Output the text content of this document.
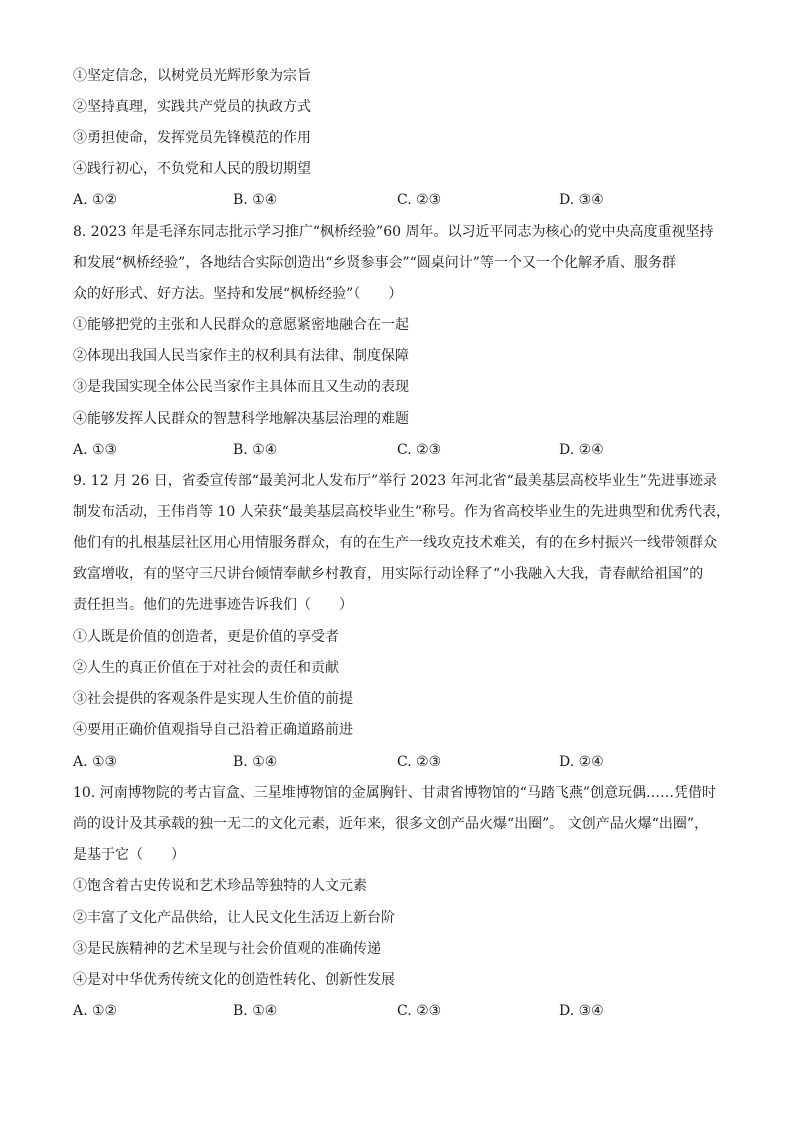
①坚定信念，以树党员光辉形象为宗旨
②坚持真理，实践共产党员的执政方式
③勇担使命，发挥党员先锋模范的作用
④践行初心，不负党和人民的殷切期望
A. ①②	B. ①④	C. ②③	D. ③④
8. 2023 年是毛泽东同志批示学习推广“枫桥经验”60 周年。以习近平同志为核心的党中央高度重视坚持
和发展“枫桥经验”，各地结合实际创造出“乡贤参事会”“圆桌问计”等一个又一个化解矛盾、服务群
众的好形式、好方法。坚持和发展“枫桥经验”（　　）
①能够把党的主张和人民群众的意愿紧密地融合在一起
②体现出我国人民当家作主的权利具有法律、制度保障
③是我国实现全体公民当家作主具体而且又生动的表现
④能够发挥人民群众的智慧科学地解决基层治理的难题
A. ①③	B. ①④	C. ②③	D. ②④
9. 12 月 26 日，省委宣传部“最美河北人发布厅”举行 2023 年河北省“最美基层高校毕业生”先进事迹录
制发布活动，王伟肖等 10 人荣获“最美基层高校毕业生”称号。作为省高校毕业生的先进典型和优秀代表，
他们有的扎根基层社区用心用情服务群众，有的在生产一线攻克技术难关，有的在乡村振兴一线带领群众
致富增收，有的坚守三尺讲台倾情奉献乡村教育，用实际行动诠释了“小我融入大我，青春献给祖国”的
责任担当。他们的先进事迹告诉我们（　　）
①人既是价值的创造者，更是价值的享受者
②人生的真正价值在于对社会的责任和贡献
③社会提供的客观条件是实现人生价值的前提
④要用正确价值观指导自己沿着正确道路前进
A. ①③	B. ①④	C. ②③	D. ②④
10. 河南博物院的考古盲盒、三星堆博物馆的金属胸针、甘肃省博物馆的“马踏飞燕”创意玩偶……凭借时
尚的设计及其承载的独一无二的文化元素，近年来，很多文创产品火爆“出圈”。 文创产品火爆“出圈”，
是基于它（　　）
①饱含着古史传说和艺术珍品等独特的人文元素
②丰富了文化产品供给，让人民文化生活迈上新台阶
③是民族精神的艺术呈现与社会价值观的准确传递
④是对中华优秀传统文化的创造性转化、创新性发展
A. ①②	B. ①④	C. ②③	D. ③④
